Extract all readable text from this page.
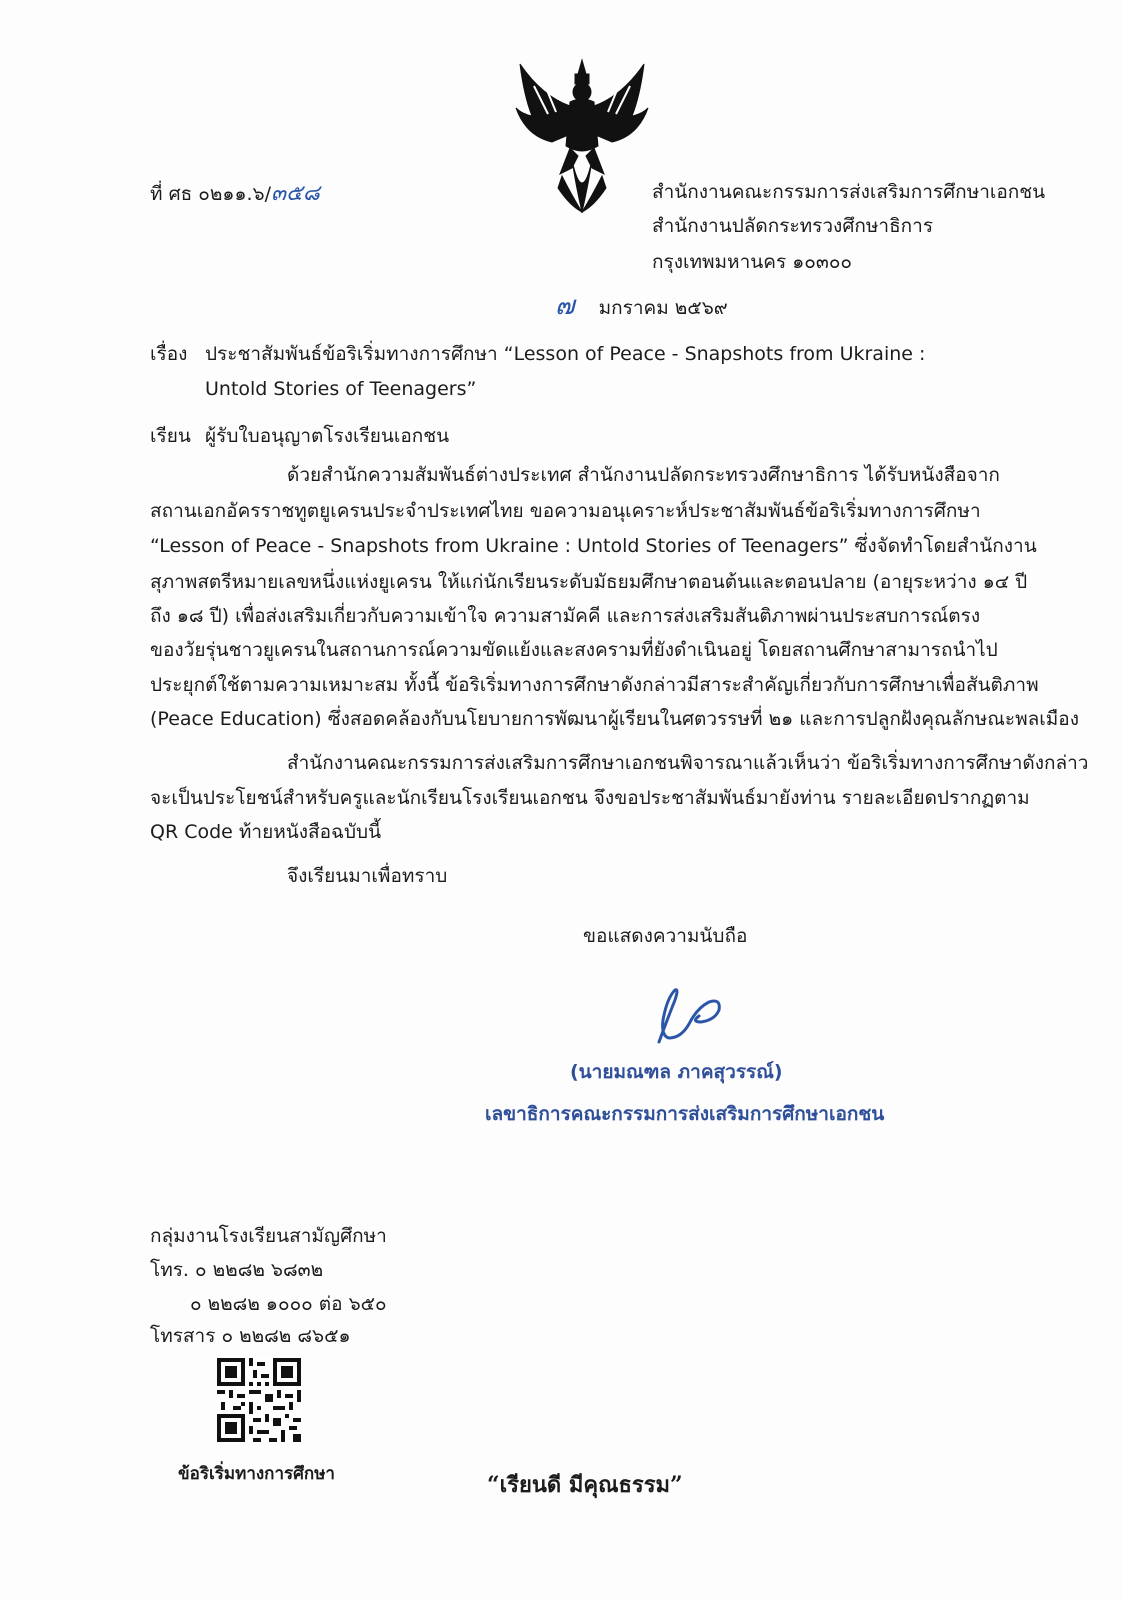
ที่ ศธ ๐๒๑๑.๖/๓๕๘	สำนักงานคณะกรรมการส่งเสริมการศึกษาเอกชน
สำนักงานปลัดกระทรวงศึกษาธิการ
กรุงเทพมหานคร ๑๐๓๐๐
๗ มกราคม ๒๕๖๙
เรื่อง ประชาสัมพันธ์ข้อริเริ่มทางการศึกษา “Lesson of Peace - Snapshots from Ukraine :
Untold Stories of Teenagers”
เรียน ผู้รับใบอนุญาตโรงเรียนเอกชน
ด้วยสำนักความสัมพันธ์ต่างประเทศ สำนักงานปลัดกระทรวงศึกษาธิการ ได้รับหนังสือจาก
สถานเอกอัครราชทูตยูเครนประจำประเทศไทย ขอความอนุเคราะห์ประชาสัมพันธ์ข้อริเริ่มทางการศึกษา
“Lesson of Peace - Snapshots from Ukraine : Untold Stories of Teenagers” ซึ่งจัดทำโดยสำนักงาน
สุภาพสตรีหมายเลขหนึ่งแห่งยูเครน ให้แก่นักเรียนระดับมัธยมศึกษาตอนต้นและตอนปลาย (อายุระหว่าง ๑๔ ปี
ถึง ๑๘ ปี) เพื่อส่งเสริมเกี่ยวกับความเข้าใจ ความสามัคคี และการส่งเสริมสันติภาพผ่านประสบการณ์ตรง
ของวัยรุ่นชาวยูเครนในสถานการณ์ความขัดแย้งและสงครามที่ยังดำเนินอยู่ โดยสถานศึกษาสามารถนำไป
ประยุกต์ใช้ตามความเหมาะสม ทั้งนี้ ข้อริเริ่มทางการศึกษาดังกล่าวมีสาระสำคัญเกี่ยวกับการศึกษาเพื่อสันติภาพ
(Peace Education) ซึ่งสอดคล้องกับนโยบายการพัฒนาผู้เรียนในศตวรรษที่ ๒๑ และการปลูกฝังคุณลักษณะพลเมือง
สำนักงานคณะกรรมการส่งเสริมการศึกษาเอกชนพิจารณาแล้วเห็นว่า ข้อริเริ่มทางการศึกษาดังกล่าว
จะเป็นประโยชน์สำหรับครูและนักเรียนโรงเรียนเอกชน จึงขอประชาสัมพันธ์มายังท่าน รายละเอียดปรากฏตาม
QR Code ท้ายหนังสือฉบับนี้
จึงเรียนมาเพื่อทราบ
ขอแสดงความนับถือ
(นายมณฑล ภาคสุวรรณ์)
เลขาธิการคณะกรรมการส่งเสริมการศึกษาเอกชน
กลุ่มงานโรงเรียนสามัญศึกษา
โทร. ๐ ๒๒๘๒ ๖๘๓๒
๐ ๒๒๘๒ ๑๐๐๐ ต่อ ๖๕๐
โทรสาร ๐ ๒๒๘๒ ๘๖๕๑
ข้อริเริ่มทางการศึกษา	“เรียนดี มีคุณธรรม”
